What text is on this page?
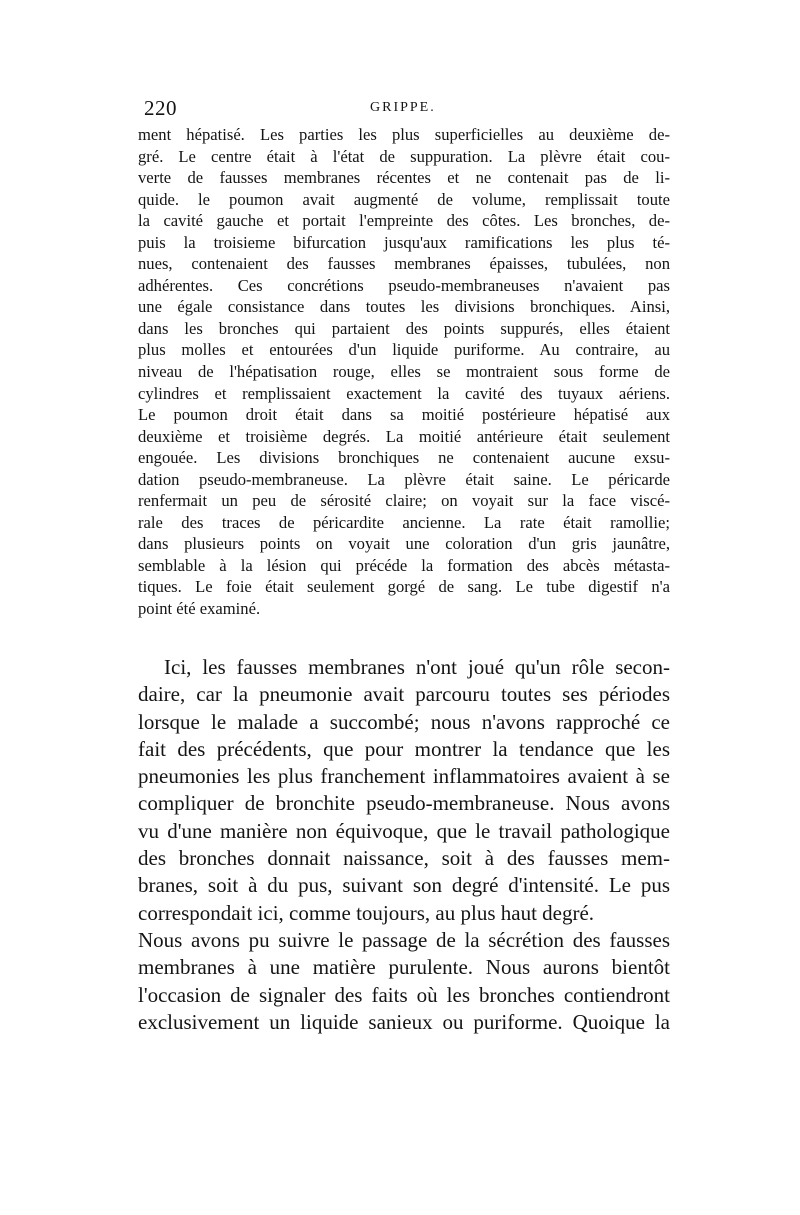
220	GRIPPE.
ment hépatisé. Les parties les plus superficielles au deuxième de-
gré. Le centre était à l'état de suppuration. La plèvre était cou-
verte de fausses membranes récentes et ne contenait pas de li-
quide. le poumon avait augmenté de volume, remplissait toute
la cavité gauche et portait l'empreinte des côtes. Les bronches, de-
puis la troisieme bifurcation jusqu'aux ramifications les plus té-
nues, contenaient des fausses membranes épaisses, tubulées, non
adhérentes. Ces concrétions pseudo-membraneuses n'avaient pas
une égale consistance dans toutes les divisions bronchiques. Ainsi,
dans les bronches qui partaient des points suppurés, elles étaient
plus molles et entourées d'un liquide puriforme. Au contraire, au
niveau de l'hépatisation rouge, elles se montraient sous forme de
cylindres et remplissaient exactement la cavité des tuyaux aériens.
Le poumon droit était dans sa moitié postérieure hépatisé aux
deuxième et troisième degrés. La moitié antérieure était seulement
engouée. Les divisions bronchiques ne contenaient aucune exsu-
dation pseudo-membraneuse. La plèvre était saine. Le péricarde
renfermait un peu de sérosité claire; on voyait sur la face viscé-
rale des traces de péricardite ancienne. La rate était ramollie;
dans plusieurs points on voyait une coloration d'un gris jaunâtre,
semblable à la lésion qui précéde la formation des abcès métasta-
tiques. Le foie était seulement gorgé de sang. Le tube digestif n'a
point été examiné.
Ici, les fausses membranes n'ont joué qu'un rôle secon-
daire, car la pneumonie avait parcouru toutes ses périodes
lorsque le malade a succombé; nous n'avons rapproché ce
fait des précédents, que pour montrer la tendance que les
pneumonies les plus franchement inflammatoires avaient à se
compliquer de bronchite pseudo-membraneuse. Nous avons
vu d'une manière non équivoque, que le travail pathologique
des bronches donnait naissance, soit à des fausses mem-
branes, soit à du pus, suivant son degré d'intensité. Le pus
correspondait ici, comme toujours, au plus haut degré.
Nous avons pu suivre le passage de la sécrétion des fausses
membranes à une matière purulente. Nous aurons bientôt
l'occasion de signaler des faits où les bronches contiendront
exclusivement un liquide sanieux ou puriforme. Quoique la
